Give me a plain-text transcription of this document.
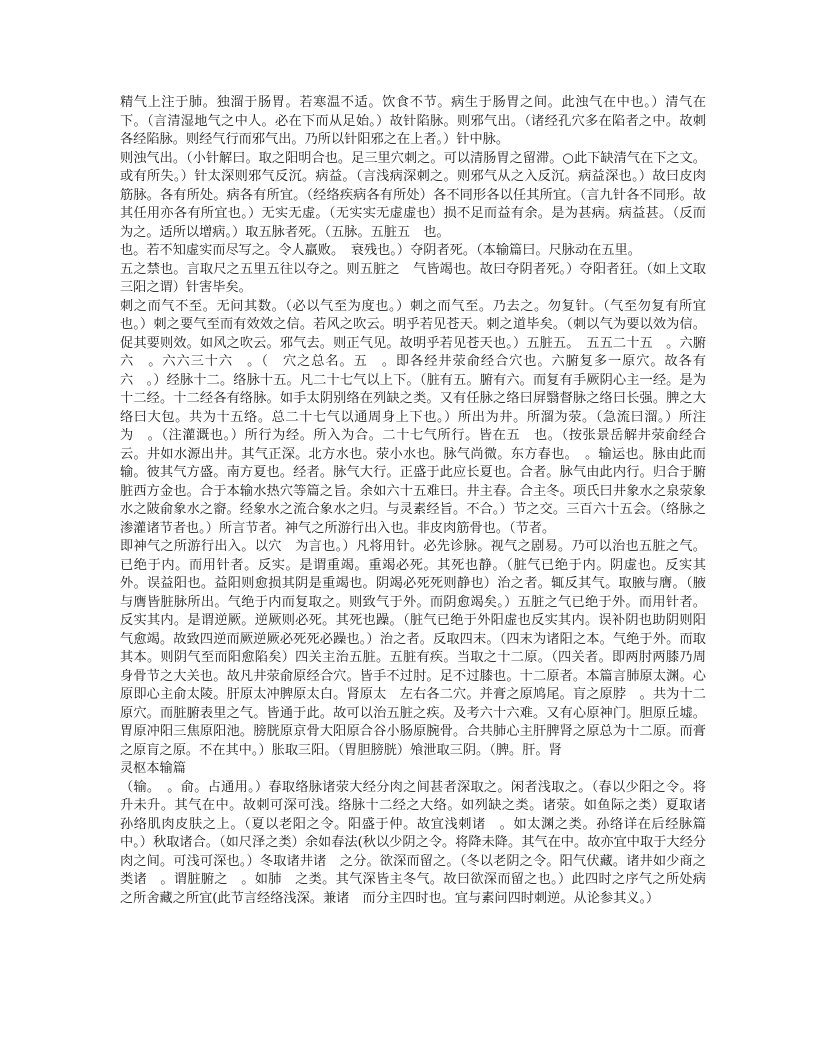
精气上注于肺。独溜于肠胃。若寒温不适。饮食不节。病生于肠胃之间。此浊气在中也。）清气在下。（言清湿地气之中人。必在下而从足始。）故针陷脉。则邪气出。（诸经孔穴多在陷者之中。故刺各经陷脉。则经气行而邪气出。乃所以针阳邪之在上者。）针中脉。

则浊气出。（小针解曰。取之阳明合也。足三里穴刺之。可以清肠胃之留滞。○此下缺清气在下之文。或有所失。）针太深则邪气反沉。病益。（言浅病深刺之。则邪气从之入反沉。病益深也。）故曰皮肉筋脉。各有所处。病各有所宜。（经络疾病各有所处）各不同形各以任其所宜。（言九针各不同形。故其任用亦各有所宜也。）无实无虚。（无实实无虚虚也）损不足而益有余。是为甚病。病益甚。（反而为之。适所以增病。）取五脉者死。（五脉。五脏五　也。

也。若不知虚实而尽写之。令人羸败。　衰残也。）夺阴者死。（本输篇曰。尺脉动在五里。

五之禁也。言取尺之五里五往以夺之。则五脏之　气皆竭也。故曰夺阴者死。）夺阳者狂。（如上文取三阳之谓）针害毕矣。

刺之而气不至。无问其数。（必以气至为度也。）刺之而气至。乃去之。勿复针。（气至勿复有所宜也。）刺之要气至而有效效之信。若风之吹云。明乎若见苍天。刺之道毕矣。（刺以气为要以效为信。促其要则效。如风之吹云。邪气去。则正气见。故明乎若见苍天也。）五脏五。　五五二十五　。六腑六　。六六三十六　。（　穴之总名。五　。即各经井荥俞经合穴也。六腑复多一原穴。故各有六　。）经脉十二。络脉十五。凡二十七气以上下。（脏有五。腑有六。而复有手厥阴心主一经。是为十二经。十二经各有络脉。如手太阴别络在列缺之类。又有任脉之络曰屏翳督脉之络曰长强。脾之大络曰大包。共为十五络。总二十七气以通周身上下也。）所出为井。所溜为荥。（急流曰溜。）所注为　。（注灌溉也。）所行为经。所入为合。二十七气所行。皆在五　也。（按张景岳解井荥俞经合云。井如水源出井。其气正深。北方水也。荥小水也。脉气尚微。东方春也。　。输运也。脉由此而输。彼其气方盛。南方夏也。经者。脉气大行。正盛于此应长夏也。合者。脉气由此内行。归合于腑脏西方金也。合于本输水热穴等篇之旨。余如六十五难曰。井主春。合主冬。项氏曰井象水之泉荥象水之陂俞象水之窬。经象水之流合象水之归。与灵素经旨。不合。）节之交。三百六十五会。（络脉之渗灌诸节者也。）所言节者。神气之所游行出入也。非皮肉筋骨也。（节者。

即神气之所游行出入。以穴　为言也。）凡将用针。必先诊脉。视气之剧易。乃可以治也五脏之气。已绝于内。而用针者。反实。是谓重竭。重竭必死。其死也静。（脏气已绝于内。阴虚也。反实其外。误益阳也。益阳则愈损其阴是重竭也。阴竭必死死则静也）治之者。辄反其气。取腋与膺。（腋与膺皆脏脉所出。气绝于内而复取之。则致气于外。而阴愈竭矣。）五脏之气已绝于外。而用针者。反实其内。是谓逆厥。逆厥则必死。其死也躁。（脏气已绝于外阳虚也反实其内。误补阴也助阴则阳气愈竭。故致四逆而厥逆厥必死死必躁也。）治之者。反取四末。（四末为诸阳之本。气绝于外。而取其本。则阴气至而阳愈陷矣）四关主治五脏。五脏有疾。当取之十二原。（四关者。即两肘两膝乃周身骨节之大关也。故凡井荥俞原经合穴。皆手不过肘。足不过膝也。十二原者。本篇言肺原太渊。心原即心主俞太陵。肝原太冲脾原太白。肾原太　左右各二穴。并膏之原鸠尾。肓之原脖　。共为十二原穴。而脏腑表里之气。皆通于此。故可以治五脏之疾。及考六十六难。又有心原神门。胆原丘墟。胃原冲阳三焦原阳池。膀胱原京骨大阳原合谷小肠原腕骨。合共肺心主肝脾肾之原总为十二原。而膏之原肓之原。不在其中。）胀取三阳。（胃胆膀胱）飧泄取三阴。（脾。肝。肾

灵枢本输篇

（输。　。俞。占通用。）春取络脉诸荥大经分肉之间甚者深取之。闲者浅取之。（春以少阳之令。将升未升。其气在中。故刺可深可浅。络脉十二经之大络。如列缺之类。诸荥。如鱼际之类）夏取诸　孙络肌肉皮肤之上。（夏以老阳之令。阳盛于仲。故宜浅刺诸　。如太渊之类。孙络详在后经脉篇中。）秋取诸合。（如尺泽之类）余如春法(秋以少阴之令。将降未降。其气在中。故亦宜中取于大经分肉之间。可浅可深也。）冬取诸井诸　之分。欲深而留之。（冬以老阴之令。阳气伏藏。诸井如少商之类诸　。谓脏腑之　。如肺　之类。其气深皆主冬气。故曰欲深而留之也。）此四时之序气之所处病之所舍藏之所宜(此节言经络浅深。兼诸　而分主四时也。宜与素问四时刺逆。从论参其义。）
